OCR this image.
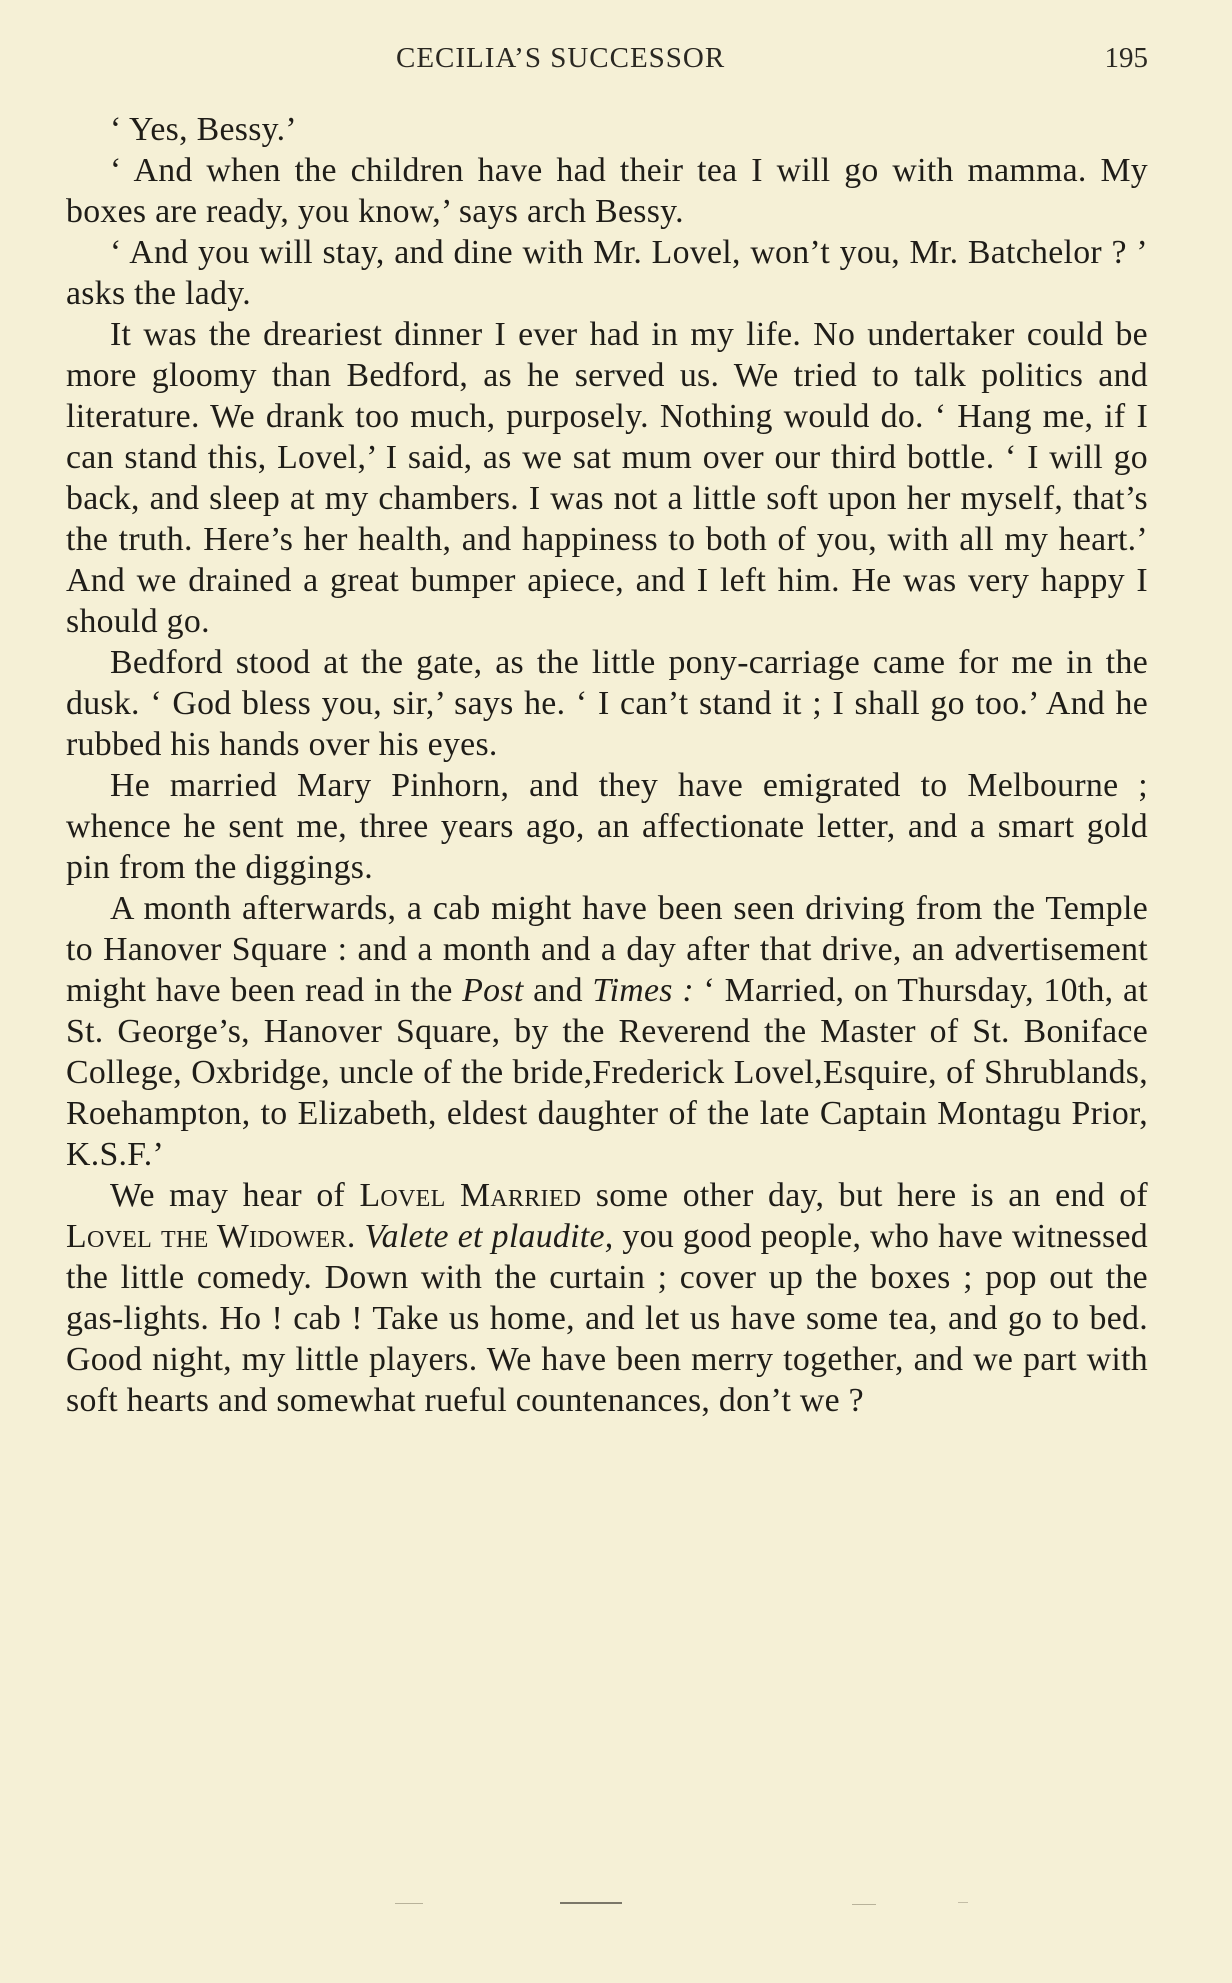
CECILIA’S SUCCESSOR	195

‘ Yes, Bessy.’

‘ And when the children have had their tea I will go with mamma. My boxes are ready, you know,’ says arch Bessy.

‘ And you will stay, and dine with Mr. Lovel, won’t you, Mr. Batchelor ? ’ asks the lady.

It was the dreariest dinner I ever had in my life. No undertaker could be more gloomy than Bedford, as he served us. We tried to talk politics and literature. We drank too much, purposely. Nothing would do. ‘ Hang me, if I can stand this, Lovel,’ I said, as we sat mum over our third bottle. ‘ I will go back, and sleep at my chambers. I was not a little soft upon her myself, that’s the truth. Here’s her health, and happiness to both of you, with all my heart.’ And we drained a great bumper apiece, and I left him. He was very happy I should go.

Bedford stood at the gate, as the little pony-carriage came for me in the dusk. ‘ God bless you, sir,’ says he. ‘ I can’t stand it ; I shall go too.’ And he rubbed his hands over his eyes.

He married Mary Pinhorn, and they have emigrated to Melbourne ; whence he sent me, three years ago, an affectionate letter, and a smart gold pin from the diggings.

A month afterwards, a cab might have been seen driving from the Temple to Hanover Square : and a month and a day after that drive, an advertisement might have been read in the Post and Times : ‘ Married, on Thursday, 10th, at St. George’s, Hanover Square, by the Reverend the Master of St. Boniface College, Oxbridge, uncle of the bride,Frederick Lovel,Esquire, of Shrublands, Roehampton, to Elizabeth, eldest daughter of the late Captain Montagu Prior, K.S.F.’

We may hear of Lovel Married some other day, but here is an end of Lovel the Widower. Valete et plaudite, you good people, who have witnessed the little comedy. Down with the curtain ; cover up the boxes ; pop out the gas-lights. Ho ! cab ! Take us home, and let us have some tea, and go to bed. Good night, my little players. We have been merry together, and we part with soft hearts and somewhat rueful countenances, don’t we ?
